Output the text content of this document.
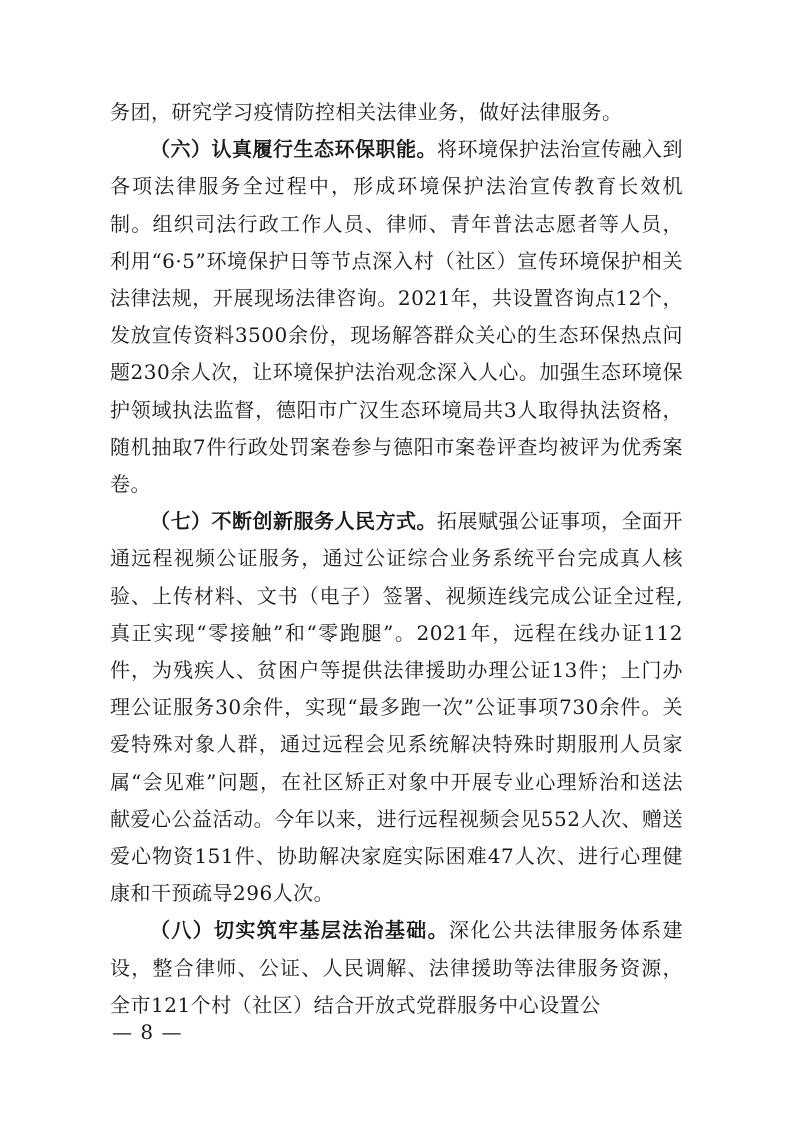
务团，研究学习疫情防控相关法律业务，做好法律服务。

（六）认真履行生态环保职能。将环境保护法治宣传融入到各项法律服务全过程中，形成环境保护法治宣传教育长效机制。组织司法行政工作人员、律师、青年普法志愿者等人员，利用“6·5”环境保护日等节点深入村（社区）宣传环境保护相关法律法规，开展现场法律咨询。2021年，共设置咨询点12个，发放宣传资料3500余份，现场解答群众关心的生态环保热点问题230余人次，让环境保护法治观念深入人心。加强生态环境保护领域执法监督，德阳市广汉生态环境局共3人取得执法资格，随机抽取7件行政处罚案卷参与德阳市案卷评查均被评为优秀案卷。

（七）不断创新服务人民方式。拓展赋强公证事项，全面开通远程视频公证服务，通过公证综合业务系统平台完成真人核验、上传材料、文书（电子）签署、视频连线完成公证全过程,真正实现“零接触”和“零跑腿”。2021年，远程在线办证112件，为残疾人、贫困户等提供法律援助办理公证13件；上门办理公证服务30余件，实现“最多跑一次”公证事项730余件。关爱特殊对象人群，通过远程会见系统解决特殊时期服刑人员家属“会见难”问题，在社区矫正对象中开展专业心理矫治和送法献爱心公益活动。今年以来，进行远程视频会见552人次、赠送爱心物资151件、协助解决家庭实际困难47人次、进行心理健康和干预疏导296人次。

（八）切实筑牢基层法治基础。深化公共法律服务体系建设，整合律师、公证、人民调解、法律援助等法律服务资源，全市121个村（社区）结合开放式党群服务中心设置公

— 8 —
